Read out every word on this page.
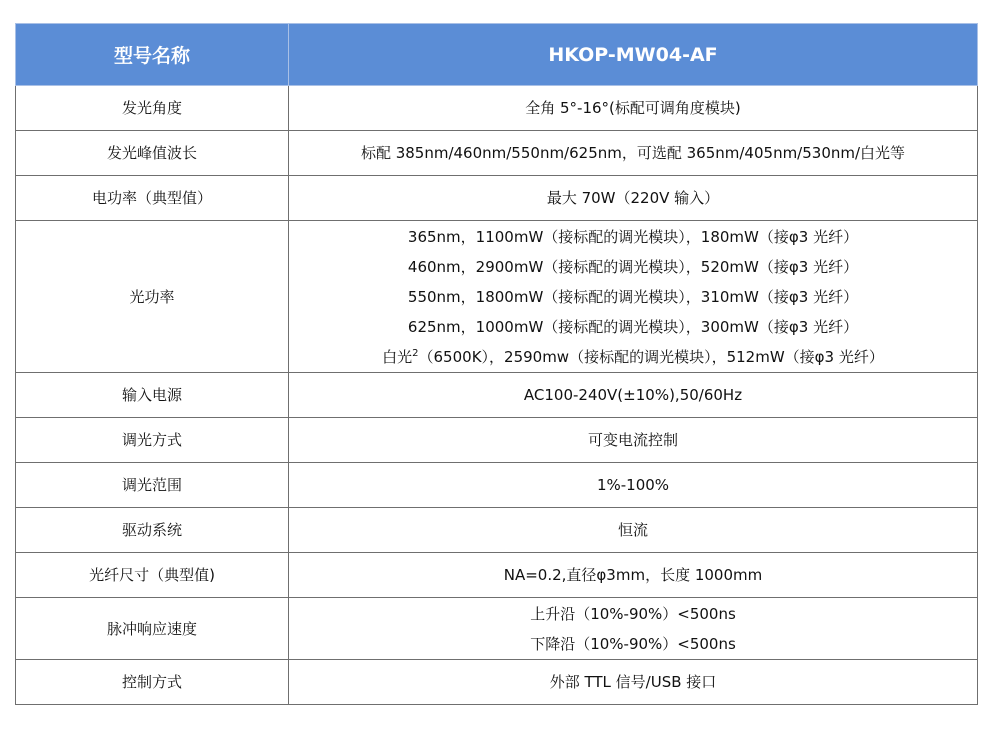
型号名称	HKOP-MW04-AF
发光角度	全角 5°-16°(标配可调角度模块)

发光峰值波长	标配 385nm/460nm/550nm/625nm，可选配 365nm/405nm/530nm/白光等

电功率（典型值）	最大 70W（220V 输入）

光功率	365nm，1100mW（接标配的调光模块），180mW（接φ3 光纤）
460nm，2900mW（接标配的调光模块），520mW（接φ3 光纤）
550nm，1800mW（接标配的调光模块），310mW（接φ3 光纤）
625nm，1000mW（接标配的调光模块），300mW（接φ3 光纤）
白光$^2$（6500K），2590mw（接标配的调光模块），512mW（接φ3 光纤）

输入电源	AC100-240V(±10%),50/60Hz

调光方式	可变电流控制

调光范围	1%-100%

驱动系统	恒流

光纤尺寸（典型值)	NA=0.2,直径φ3mm，长度 1000mm

脉冲响应速度	上升沿（10%-90%）<500ns
下降沿（10%-90%）<500ns

控制方式	外部 TTL 信号/USB 接口
